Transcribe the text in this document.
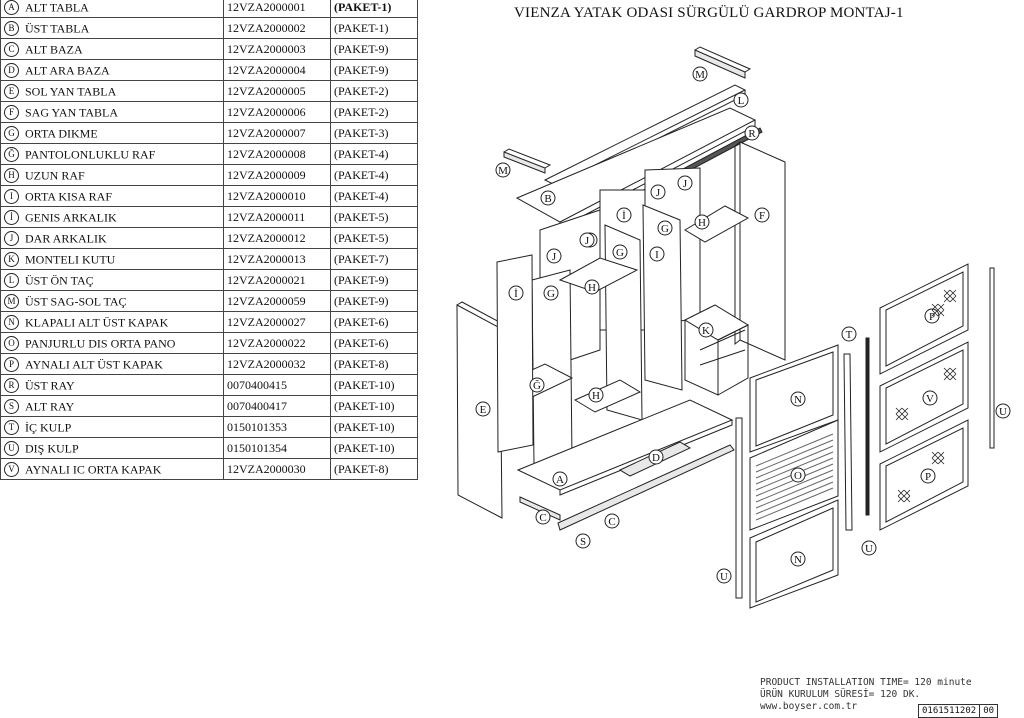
A ALT TABLA	12VZA2000001	(PAKET-1)
B ÜST TABLA	12VZA2000002	(PAKET-1)
C ALT BAZA	12VZA2000003	(PAKET-9)
D ALT ARA BAZA	12VZA2000004	(PAKET-9)
E SOL YAN TABLA	12VZA2000005	(PAKET-2)
F SAG YAN TABLA	12VZA2000006	(PAKET-2)
G ORTA DIKME	12VZA2000007	(PAKET-3)
Ğ PANTOLONLUKLU RAF	12VZA2000008	(PAKET-4)
H UZUN RAF	12VZA2000009	(PAKET-4)
I ORTA KISA RAF	12VZA2000010	(PAKET-4)
İ GENIS ARKALIK	12VZA2000011	(PAKET-5)
J DAR ARKALIK	12VZA2000012	(PAKET-5)
K MONTELI KUTU	12VZA2000013	(PAKET-7)
L ÜST ÖN TAÇ	12VZA2000021	(PAKET-9)
M ÜST SAG-SOL TAÇ	12VZA2000059	(PAKET-9)
N KLAPALI ALT ÜST KAPAK	12VZA2000027	(PAKET-6)
O PANJURLU DIS ORTA PANO	12VZA2000022	(PAKET-6)
P AYNALI ALT ÜST KAPAK	12VZA2000032	(PAKET-8)
R ÜST RAY	0070400415	(PAKET-10)
S ALT RAY	0070400417	(PAKET-10)
T İÇ KULP	0150101353	(PAKET-10)
U DIŞ KULP	0150101354	(PAKET-10)
V AYNALI IC ORTA KAPAK	12VZA2000030	(PAKET-8)
VIENZA YATAK ODASI SÜRGÜLÜ GARDROP MONTAJ-1
M
L
R
M
B
F
J
J
İ
G	H
J	G	I
J
İ	G	H
K
E
Ğ
H
D
A
C	C
S
T
N
O
N
U
U
U
P
V
P
PRODUCT INSTALLATION TIME= 120 minute
ÜRÜN KURULUM SÜRESİ= 120 DK.
www.boyser.com.tr	0161511202 00
